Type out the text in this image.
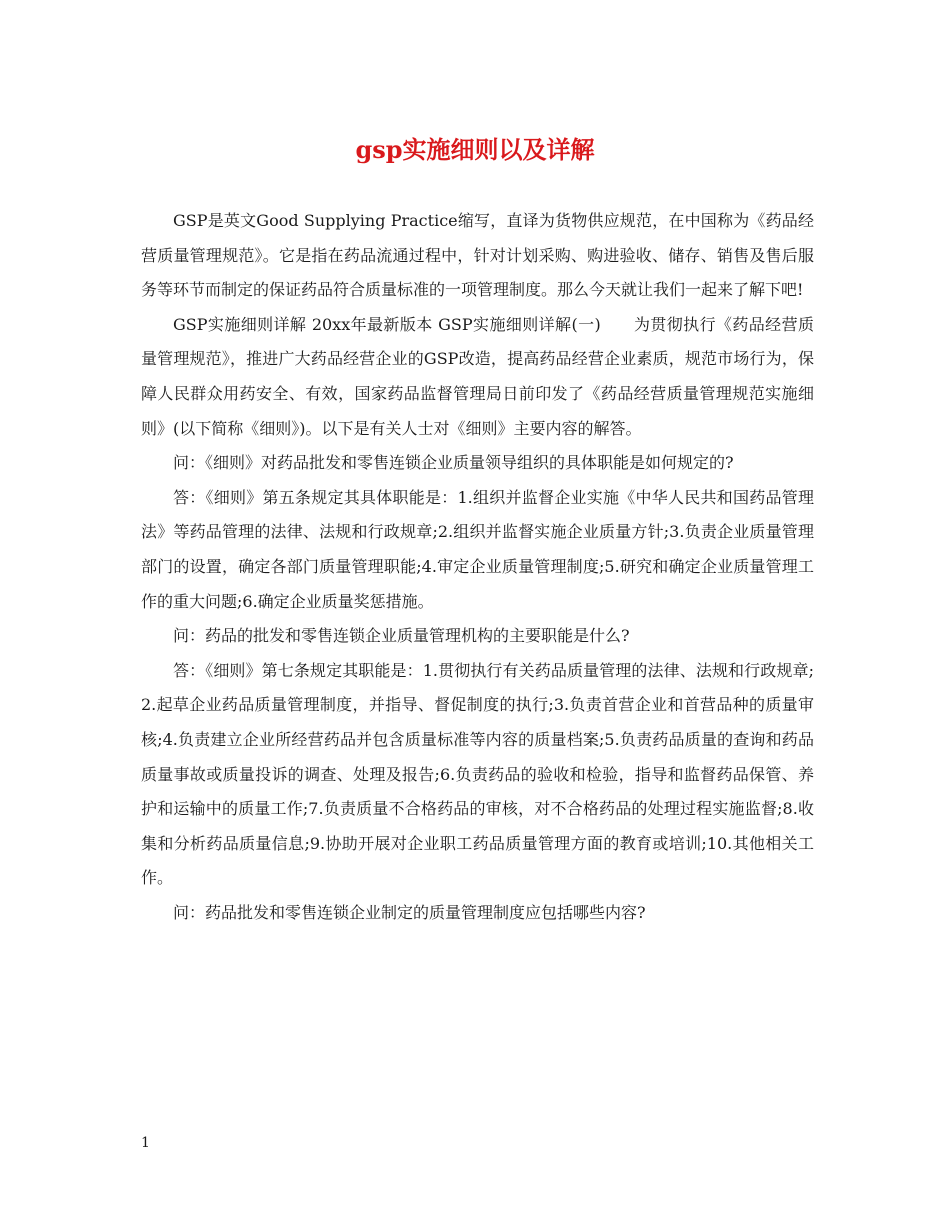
gsp实施细则以及详解

GSP是英文Good Supplying Practice缩写，直译为货物供应规范，在中国称为《药品经营质量管理规范》。它是指在药品流通过程中，针对计划采购、购进验收、储存、销售及售后服务等环节而制定的保证药品符合质量标准的一项管理制度。那么今天就让我们一起来了解下吧!

GSP实施细则详解 20xx年最新版本 GSP实施细则详解(一)　　为贯彻执行《药品经营质量管理规范》，推进广大药品经营企业的GSP改造，提高药品经营企业素质，规范市场行为，保障人民群众用药安全、有效，国家药品监督管理局日前印发了《药品经营质量管理规范实施细则》(以下简称《细则》)。以下是有关人士对《细则》主要内容的解答。

问：《细则》对药品批发和零售连锁企业质量领导组织的具体职能是如何规定的?

答：《细则》第五条规定其具体职能是：1.组织并监督企业实施《中华人民共和国药品管理法》等药品管理的法律、法规和行政规章;2.组织并监督实施企业质量方针;3.负责企业质量管理部门的设置，确定各部门质量管理职能;4.审定企业质量管理制度;5.研究和确定企业质量管理工作的重大问题;6.确定企业质量奖惩措施。

问：药品的批发和零售连锁企业质量管理机构的主要职能是什么?

答：《细则》第七条规定其职能是：1.贯彻执行有关药品质量管理的法律、法规和行政规章;2.起草企业药品质量管理制度，并指导、督促制度的执行;3.负责首营企业和首营品种的质量审核;4.负责建立企业所经营药品并包含质量标准等内容的质量档案;5.负责药品质量的查询和药品质量事故或质量投诉的调查、处理及报告;6.负责药品的验收和检验，指导和监督药品保管、养护和运输中的质量工作;7.负责质量不合格药品的审核，对不合格药品的处理过程实施监督;8.收集和分析药品质量信息;9.协助开展对企业职工药品质量管理方面的教育或培训;10.其他相关工作。

问：药品批发和零售连锁企业制定的质量管理制度应包括哪些内容?

1
